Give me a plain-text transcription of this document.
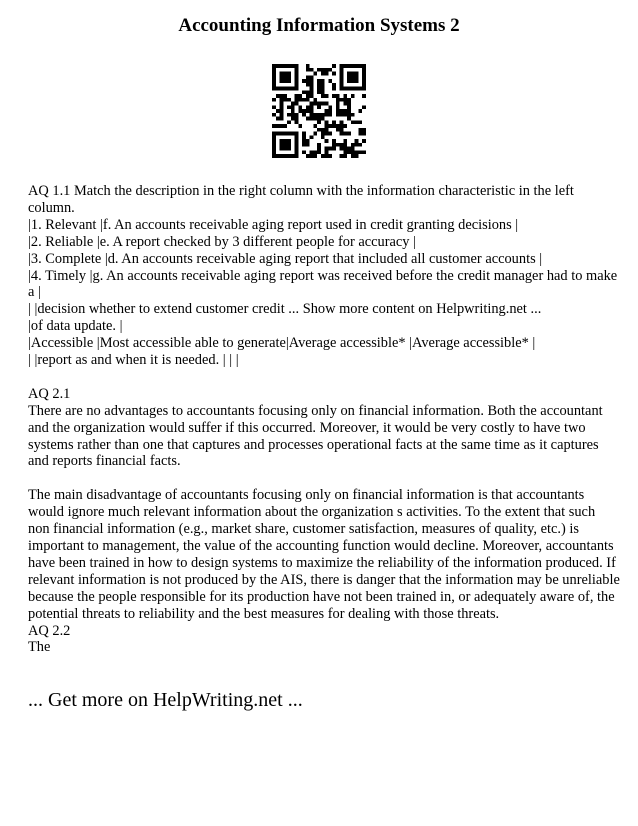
Accounting Information Systems 2
AQ 1.1 Match the description in the right column with the information characteristic in the left
column.
|1. Relevant |f. An accounts receivable aging report used in credit granting decisions |
|2. Reliable |e. A report checked by 3 different people for accuracy |
|3. Complete |d. An accounts receivable aging report that included all customer accounts |
|4. Timely |g. An accounts receivable aging report was received before the credit manager had to make
a |
| |decision whether to extend customer credit ... Show more content on Helpwriting.net ...
|of data update. |
|Accessible |Most accessible able to generate|Average accessible* |Average accessible* |
| |report as and when it is needed. | | |
AQ 2.1
There are no advantages to accountants focusing only on financial information. Both the accountant
and the organization would suffer if this occurred. Moreover, it would be very costly to have two
systems rather than one that captures and processes operational facts at the same time as it captures
and reports financial facts.
The main disadvantage of accountants focusing only on financial information is that accountants
would ignore much relevant information about the organization s activities. To the extent that such
non financial information (e.g., market share, customer satisfaction, measures of quality, etc.) is
important to management, the value of the accounting function would decline. Moreover, accountants
have been trained in how to design systems to maximize the reliability of the information produced. If
relevant information is not produced by the AIS, there is danger that the information may be unreliable
because the people responsible for its production have not been trained in, or adequately aware of, the
potential threats to reliability and the best measures for dealing with those threats.
AQ 2.2
The
... Get more on HelpWriting.net ...
